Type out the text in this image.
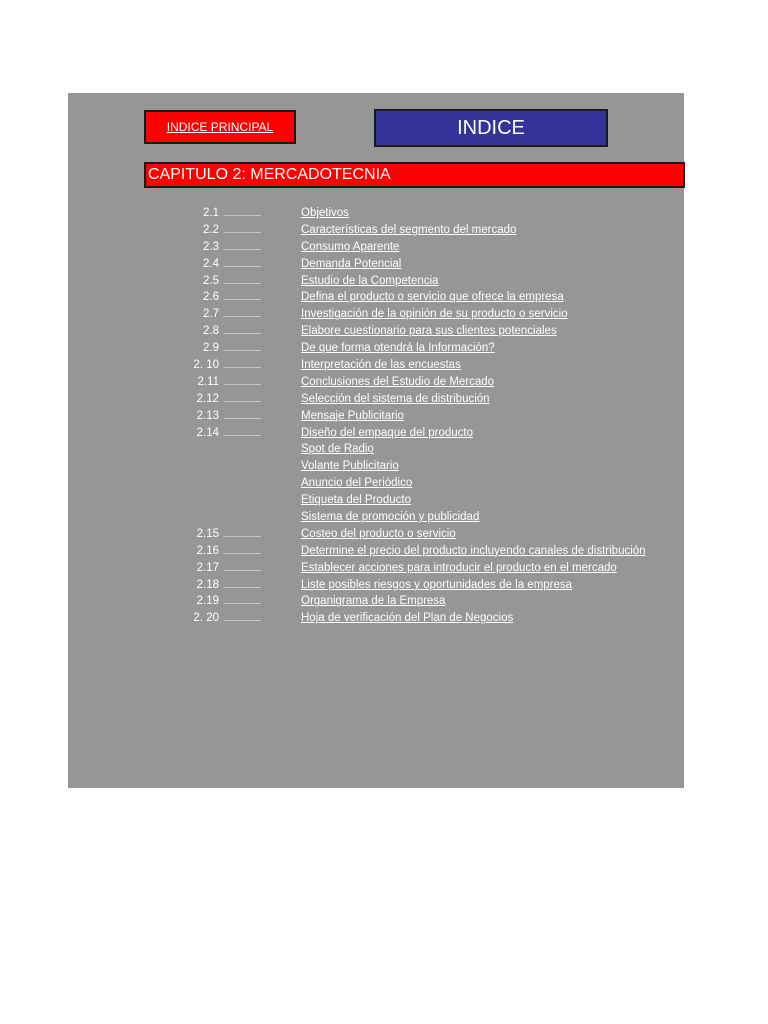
INDICE PRINCIPAL	INDICE
CAPITULO 2: MERCADOTECNIA
2.1 ...................	Objetivos
2.2 ...................	Características del segmento del mercado
2.3 ...................	Consumo Aparente
2.4 ...................	Demanda Potencial
2.5 ...................	Estudio de la Competencia
2.6 ...................	Defina el producto o servicio que ofrece la empresa
2.7 ...................	Investigación de la opinión de su producto o servicio
2.8 ...................	Elabore cuestionario para sus clientes potenciales
2.9 ...................	De que forma otendrá la Información?
2. 10 ...................	Interpretación de las encuestas
2.11 ...................	Conclusiones del Estudio de Mercado
2.12 ...................	Selección del sistema de distribución
2.13 ...................	Mensaje Publicitario
2.14 ...................	Diseño del empaque del producto
Spot de Radio
Volante Publicitario
Anuncio del Periódico
Etiqueta del Producto
Sistema de promoción y publicidad
2.15 ...................	Costeo del producto o servicio
2.16 ...................	Determine el precio del producto incluyendo canales de distribución
2.17 ...................	Establecer acciones para introducir el producto en el mercado
2.18 ...................	Liste posibles riesgos y oportunidades de la empresa
2.19 ...................	Organigrama de la Empresa
2. 20 ...................	Hoja de verificación del Plan de Negocios
